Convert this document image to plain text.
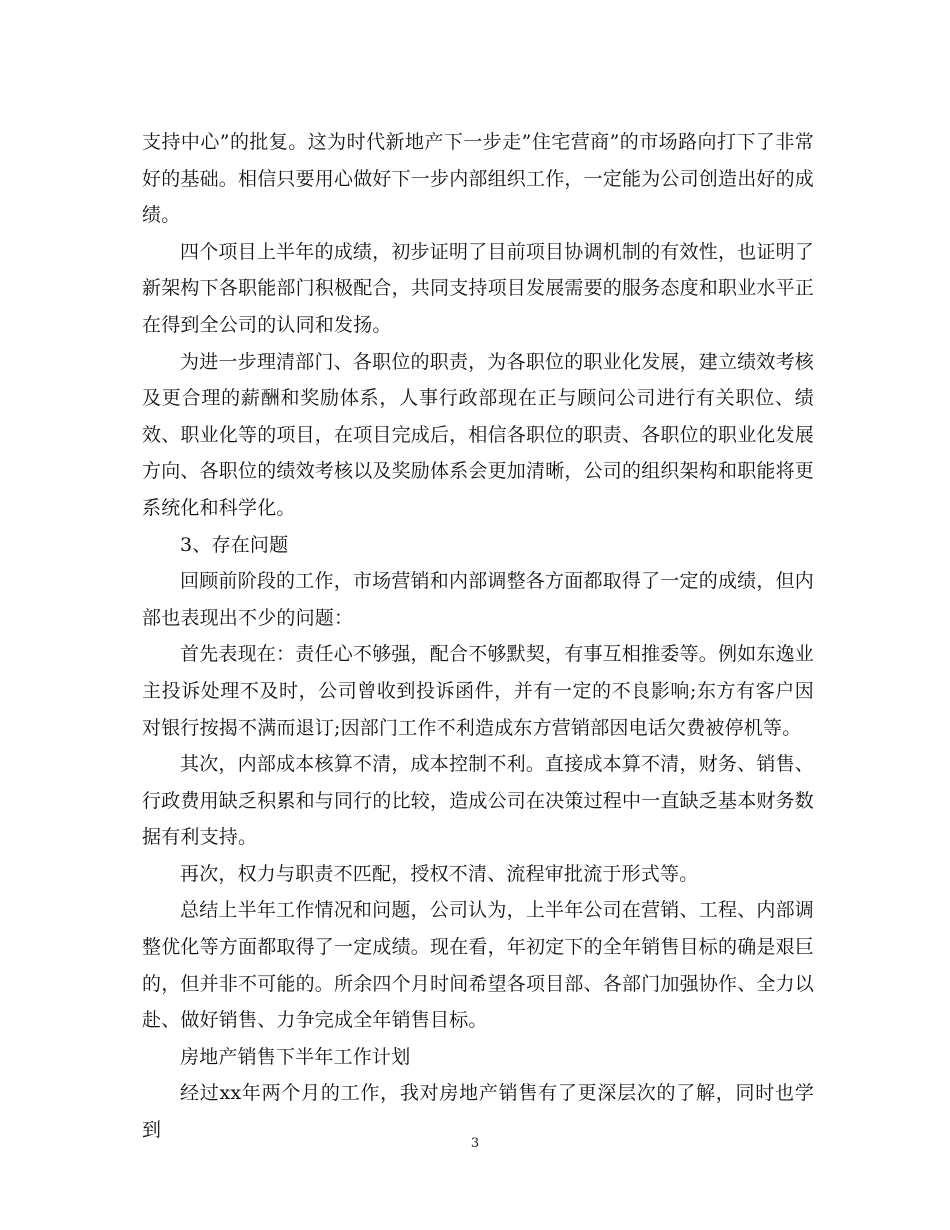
支持中心”的批复。这为时代新地产下一步走”住宅营商”的市场路向打下了非常好的基础。相信只要用心做好下一步内部组织工作，一定能为公司创造出好的成绩。

四个项目上半年的成绩，初步证明了目前项目协调机制的有效性，也证明了新架构下各职能部门积极配合，共同支持项目发展需要的服务态度和职业水平正在得到全公司的认同和发扬。

为进一步理清部门、各职位的职责，为各职位的职业化发展，建立绩效考核及更合理的薪酬和奖励体系，人事行政部现在正与顾问公司进行有关职位、绩效、职业化等的项目，在项目完成后，相信各职位的职责、各职位的职业化发展方向、各职位的绩效考核以及奖励体系会更加清晰，公司的组织架构和职能将更系统化和科学化。

3、存在问题

回顾前阶段的工作，市场营销和内部调整各方面都取得了一定的成绩，但内部也表现出不少的问题：

首先表现在：责任心不够强，配合不够默契，有事互相推委等。例如东逸业主投诉处理不及时，公司曾收到投诉函件，并有一定的不良影响;东方有客户因对银行按揭不满而退订;因部门工作不利造成东方营销部因电话欠费被停机等。

其次，内部成本核算不清，成本控制不利。直接成本算不清，财务、销售、行政费用缺乏积累和与同行的比较，造成公司在决策过程中一直缺乏基本财务数据有利支持。

再次，权力与职责不匹配，授权不清、流程审批流于形式等。

总结上半年工作情况和问题，公司认为，上半年公司在营销、工程、内部调整优化等方面都取得了一定成绩。现在看，年初定下的全年销售目标的确是艰巨的，但并非不可能的。所余四个月时间希望各项目部、各部门加强协作、全力以赴、做好销售、力争完成全年销售目标。

房地产销售下半年工作计划

经过xx年两个月的工作，我对房地产销售有了更深层次的了解，同时也学到

3
